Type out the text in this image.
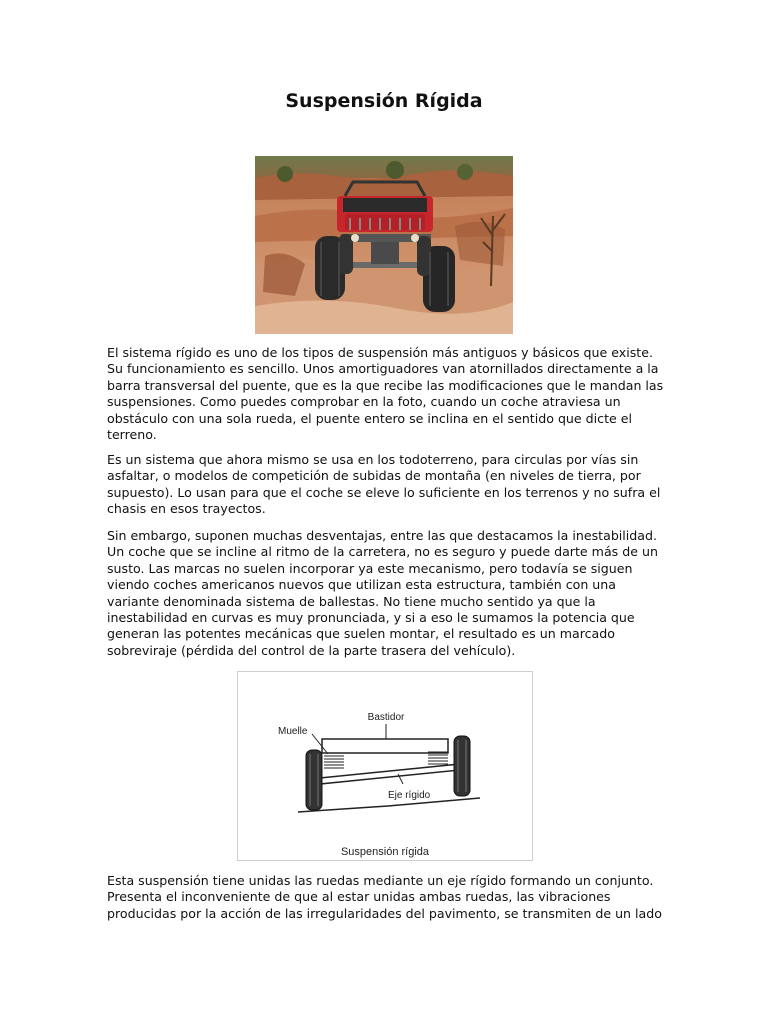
Suspensión Rígida

El sistema rígido es uno de los tipos de suspensión más antiguos y básicos que existe. Su funcionamiento es sencillo. Unos amortiguadores van atornillados directamente a la barra transversal del puente, que es la que recibe las modificaciones que le mandan las suspensiones. Como puedes comprobar en la foto, cuando un coche atraviesa un obstáculo con una sola rueda, el puente entero se inclina en el sentido que dicte el terreno.

Es un sistema que ahora mismo se usa en los todoterreno, para circulas por vías sin asfaltar, o modelos de competición de subidas de montaña (en niveles de tierra, por supuesto). Lo usan para que el coche se eleve lo suficiente en los terrenos y no sufra el chasis en esos trayectos.

Sin embargo, suponen muchas desventajas, entre las que destacamos la inestabilidad. Un coche que se incline al ritmo de la carretera, no es seguro y puede darte más de un susto. Las marcas no suelen incorporar ya este mecanismo, pero todavía se siguen viendo coches americanos nuevos que utilizan esta estructura, también con una variante denominada sistema de ballestas. No tiene mucho sentido ya que la inestabilidad en curvas es muy pronunciada, y si a eso le sumamos la potencia que generan las potentes mecánicas que suelen montar, el resultado es un marcado sobreviraje (pérdida del control de la parte trasera del vehículo).

Bastidor
Muelle
Eje rígido
Suspensión rígida

Esta suspensión tiene unidas las ruedas mediante un eje rígido formando un conjunto. Presenta el inconveniente de que al estar unidas ambas ruedas, las vibraciones producidas por la acción de las irregularidades del pavimento, se transmiten de un lado
